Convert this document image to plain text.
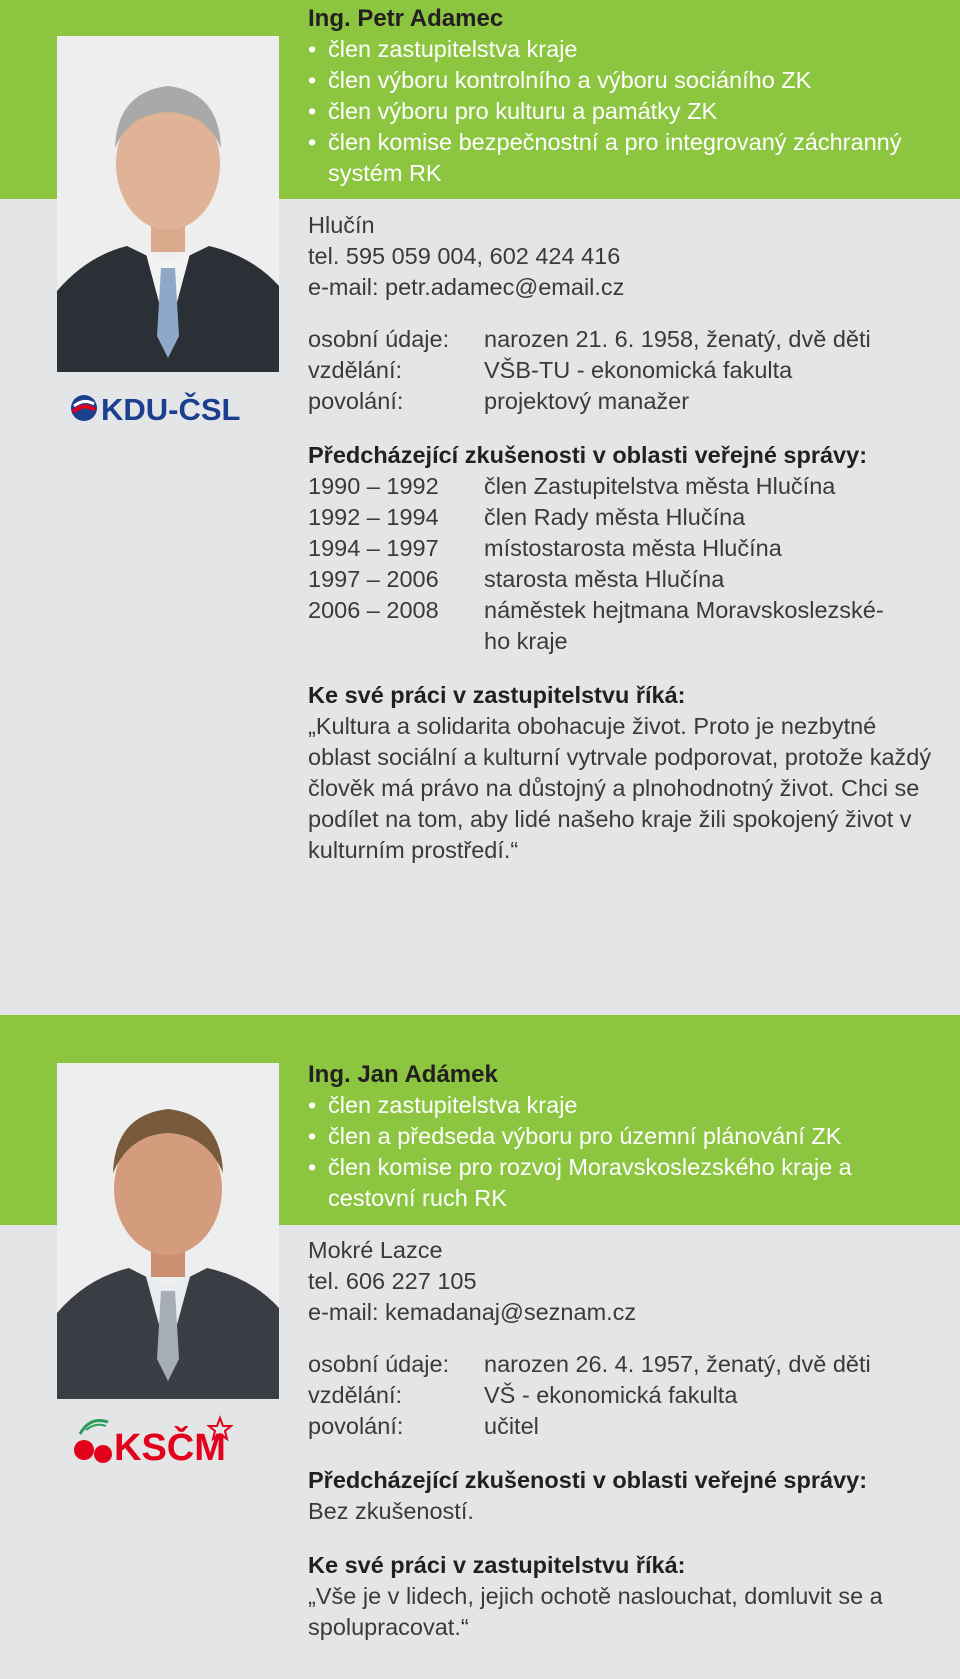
KDU-ČSL
Ing. Petr Adamec
• člen zastupitelstva kraje
• člen výboru kontrolního a výboru sociáního ZK
• člen výboru pro kulturu a památky ZK
• člen komise bezpečnostní a pro integrovaný záchranný systém RK
Hlučín
tel. 595 059 004, 602 424 416
e-mail: petr.adamec@email.cz
osobní údaje:	narozen 21. 6. 1958, ženatý, dvě děti
vzdělání:	VŠB-TU - ekonomická fakulta
povolání:	projektový manažer
Předcházející zkušenosti v oblasti veřejné správy:
1990 – 1992	člen Zastupitelstva města Hlučína
1992 – 1994	člen Rady města Hlučína
1994 – 1997	místostarosta města Hlučína
1997 – 2006	starosta města Hlučína
2006 – 2008	náměstek hejtmana Moravskoslezské-ho kraje
Ke své práci v zastupitelstvu říká:

„Kultura a solidarita obohacuje život. Proto je nezbytné oblast sociální a kulturní vytrvale podporovat, protože každý člověk má právo na důstojný a plnohodnotný život. Chci se podílet na tom, aby lidé našeho kraje žili spokojený život v kulturním prostředí.“

KSČM
Ing. Jan Adámek
• člen zastupitelstva kraje
• člen a předseda výboru pro územní plánování ZK
• člen komise pro rozvoj Moravskoslezského kraje a cestovní ruch RK
Mokré Lazce
tel. 606 227 105
e-mail: kemadanaj@seznam.cz
osobní údaje:	narozen 26. 4. 1957, ženatý, dvě děti
vzdělání:	VŠ - ekonomická fakulta
povolání:	učitel
Předcházející zkušenosti v oblasti veřejné správy:
Bez zkušeností.
Ke své práci v zastupitelstvu říká:

„Vše je v lidech, jejich ochotě naslouchat, domluvit se a spolupracovat.“
